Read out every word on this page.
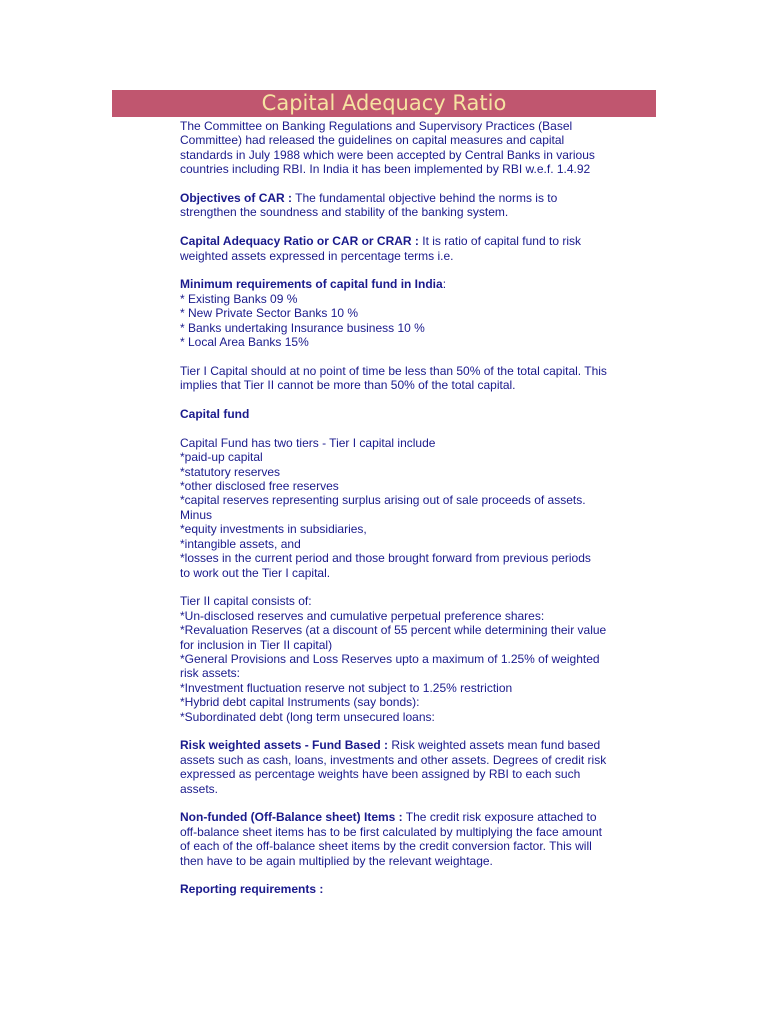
Capital Adequacy Ratio
The Committee on Banking Regulations and Supervisory Practices (Basel
Committee) had released the guidelines on capital measures and capital
standards in July 1988 which were been accepted by Central Banks in various
countries including RBI. In India it has been implemented by RBI w.e.f. 1.4.92
Objectives of CAR : The fundamental objective behind the norms is to
strengthen the soundness and stability of the banking system.
Capital Adequacy Ratio or CAR or CRAR : It is ratio of capital fund to risk
weighted assets expressed in percentage terms i.e.
Minimum requirements of capital fund in India:
* Existing Banks 09 %
* New Private Sector Banks 10 %
* Banks undertaking Insurance business 10 %
* Local Area Banks 15%
Tier I Capital should at no point of time be less than 50% of the total capital. This
implies that Tier II cannot be more than 50% of the total capital.
Capital fund
Capital Fund has two tiers - Tier I capital include
*paid-up capital
*statutory reserves
*other disclosed free reserves
*capital reserves representing surplus arising out of sale proceeds of assets.
Minus
*equity investments in subsidiaries,
*intangible assets, and
*losses in the current period and those brought forward from previous periods
to work out the Tier I capital.
Tier II capital consists of:
*Un-disclosed reserves and cumulative perpetual preference shares:
*Revaluation Reserves (at a discount of 55 percent while determining their value
for inclusion in Tier II capital)
*General Provisions and Loss Reserves upto a maximum of 1.25% of weighted
risk assets:
*Investment fluctuation reserve not subject to 1.25% restriction
*Hybrid debt capital Instruments (say bonds):
*Subordinated debt (long term unsecured loans:
Risk weighted assets - Fund Based : Risk weighted assets mean fund based
assets such as cash, loans, investments and other assets. Degrees of credit risk
expressed as percentage weights have been assigned by RBI to each such
assets.
Non-funded (Off-Balance sheet) Items : The credit risk exposure attached to
off-balance sheet items has to be first calculated by multiplying the face amount
of each of the off-balance sheet items by the credit conversion factor. This will
then have to be again multiplied by the relevant weightage.
Reporting requirements :
